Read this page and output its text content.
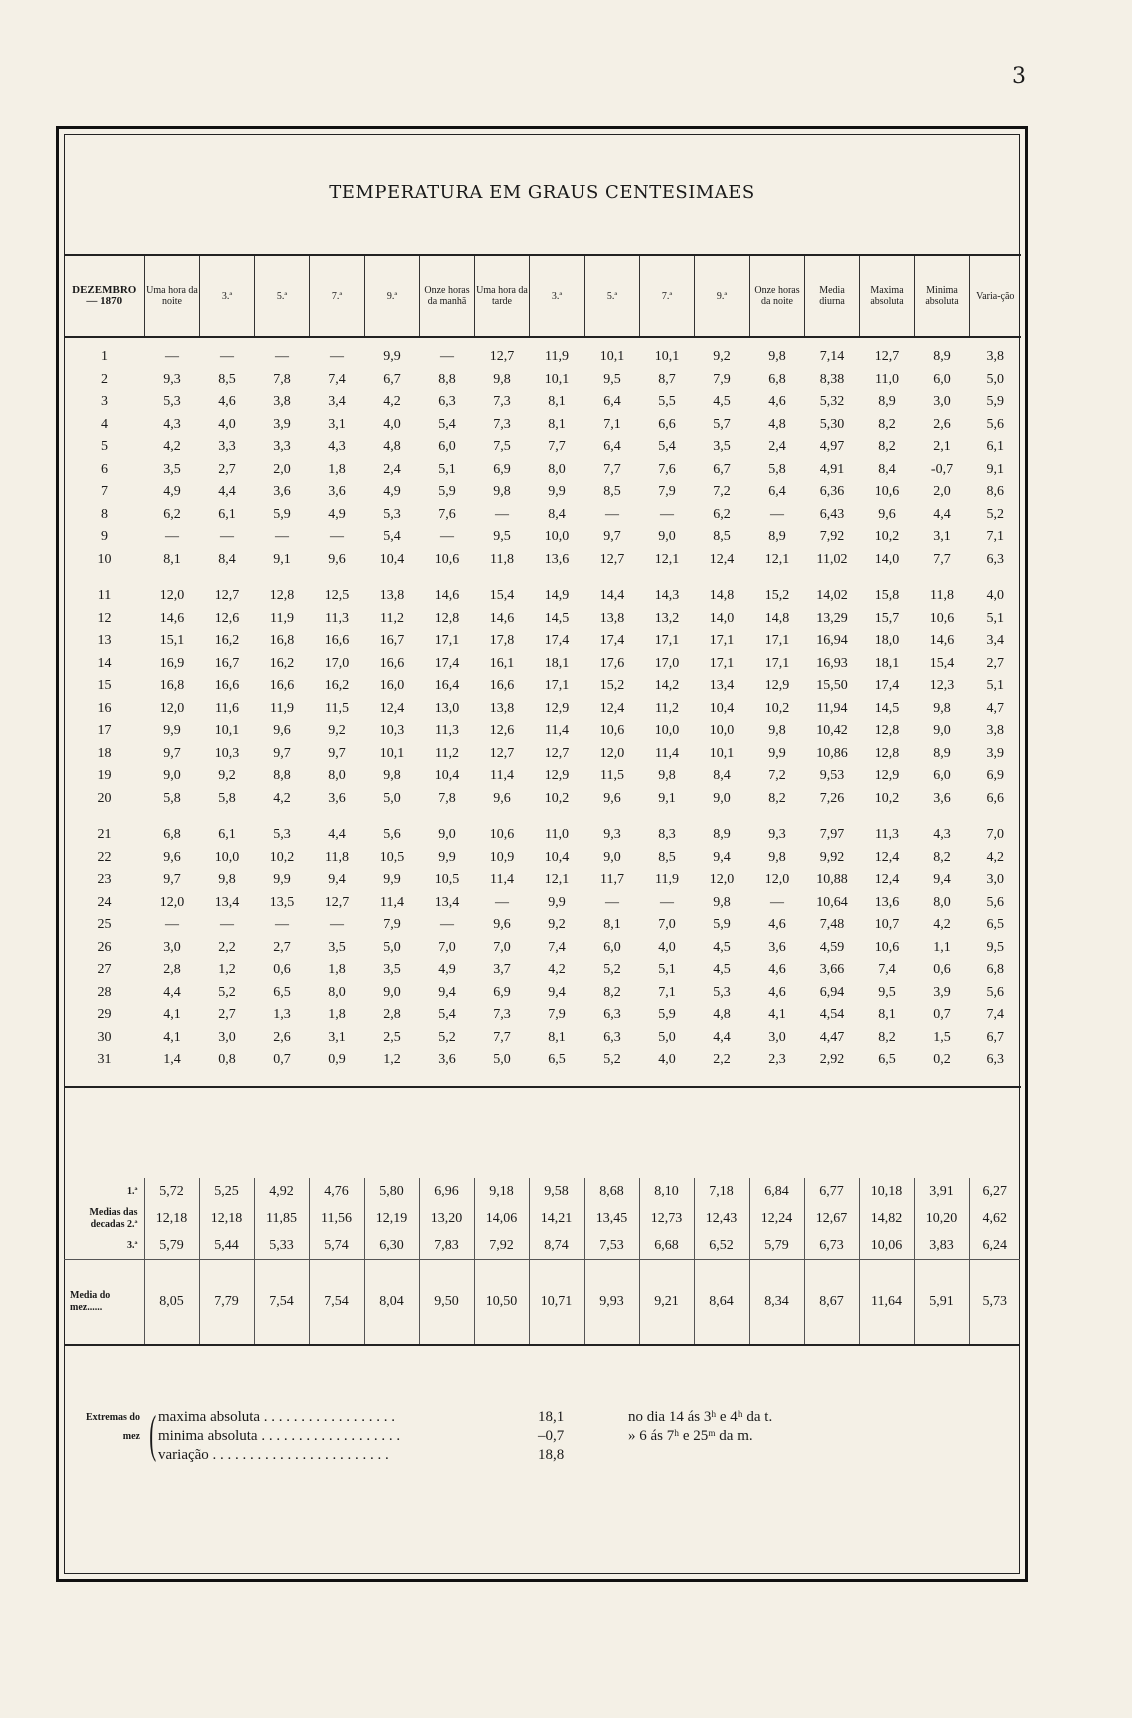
3
TEMPERATURA EM GRAUS CENTESIMAES
DEZEMBRO — 1870	Uma hora da noite	3.ª	5.ª	7.ª	9.ª	Onze horas da manhã	Uma hora da tarde	3.ª	5.ª	7.ª	9.ª	Onze horas da noite	Media diurna	Maxima absoluta	Minima absoluta	Varia-ção
1	—	—	—	—	9,9	—	12,7	11,9	10,1	10,1	9,2	9,8	7,14	12,7	8,9	3,8
2	9,3	8,5	7,8	7,4	6,7	8,8	9,8	10,1	9,5	8,7	7,9	6,8	8,38	11,0	6,0	5,0
3	5,3	4,6	3,8	3,4	4,2	6,3	7,3	8,1	6,4	5,5	4,5	4,6	5,32	8,9	3,0	5,9
4	4,3	4,0	3,9	3,1	4,0	5,4	7,3	8,1	7,1	6,6	5,7	4,8	5,30	8,2	2,6	5,6
5	4,2	3,3	3,3	4,3	4,8	6,0	7,5	7,7	6,4	5,4	3,5	2,4	4,97	8,2	2,1	6,1
6	3,5	2,7	2,0	1,8	2,4	5,1	6,9	8,0	7,7	7,6	6,7	5,8	4,91	8,4	-0,7	9,1
7	4,9	4,4	3,6	3,6	4,9	5,9	9,8	9,9	8,5	7,9	7,2	6,4	6,36	10,6	2,0	8,6
8	6,2	6,1	5,9	4,9	5,3	7,6	—	8,4	—	—	6,2	—	6,43	9,6	4,4	5,2
9	—	—	—	—	5,4	—	9,5	10,0	9,7	9,0	8,5	8,9	7,92	10,2	3,1	7,1
10	8,1	8,4	9,1	9,6	10,4	10,6	11,8	13,6	12,7	12,1	12,4	12,1	11,02	14,0	7,7	6,3

11	12,0	12,7	12,8	12,5	13,8	14,6	15,4	14,9	14,4	14,3	14,8	15,2	14,02	15,8	11,8	4,0
12	14,6	12,6	11,9	11,3	11,2	12,8	14,6	14,5	13,8	13,2	14,0	14,8	13,29	15,7	10,6	5,1
13	15,1	16,2	16,8	16,6	16,7	17,1	17,8	17,4	17,4	17,1	17,1	17,1	16,94	18,0	14,6	3,4
14	16,9	16,7	16,2	17,0	16,6	17,4	16,1	18,1	17,6	17,0	17,1	17,1	16,93	18,1	15,4	2,7
15	16,8	16,6	16,6	16,2	16,0	16,4	16,6	17,1	15,2	14,2	13,4	12,9	15,50	17,4	12,3	5,1
16	12,0	11,6	11,9	11,5	12,4	13,0	13,8	12,9	12,4	11,2	10,4	10,2	11,94	14,5	9,8	4,7
17	9,9	10,1	9,6	9,2	10,3	11,3	12,6	11,4	10,6	10,0	10,0	9,8	10,42	12,8	9,0	3,8
18	9,7	10,3	9,7	9,7	10,1	11,2	12,7	12,7	12,0	11,4	10,1	9,9	10,86	12,8	8,9	3,9
19	9,0	9,2	8,8	8,0	9,8	10,4	11,4	12,9	11,5	9,8	8,4	7,2	9,53	12,9	6,0	6,9
20	5,8	5,8	4,2	3,6	5,0	7,8	9,6	10,2	9,6	9,1	9,0	8,2	7,26	10,2	3,6	6,6

21	6,8	6,1	5,3	4,4	5,6	9,0	10,6	11,0	9,3	8,3	8,9	9,3	7,97	11,3	4,3	7,0
22	9,6	10,0	10,2	11,8	10,5	9,9	10,9	10,4	9,0	8,5	9,4	9,8	9,92	12,4	8,2	4,2
23	9,7	9,8	9,9	9,4	9,9	10,5	11,4	12,1	11,7	11,9	12,0	12,0	10,88	12,4	9,4	3,0
24	12,0	13,4	13,5	12,7	11,4	13,4	—	9,9	—	—	9,8	—	10,64	13,6	8,0	5,6
25	—	—	—	—	7,9	—	9,6	9,2	8,1	7,0	5,9	4,6	7,48	10,7	4,2	6,5
26	3,0	2,2	2,7	3,5	5,0	7,0	7,0	7,4	6,0	4,0	4,5	3,6	4,59	10,6	1,1	9,5
27	2,8	1,2	0,6	1,8	3,5	4,9	3,7	4,2	5,2	5,1	4,5	4,6	3,66	7,4	0,6	6,8
28	4,4	5,2	6,5	8,0	9,0	9,4	6,9	9,4	8,2	7,1	5,3	4,6	6,94	9,5	3,9	5,6
29	4,1	2,7	1,3	1,8	2,8	5,4	7,3	7,9	6,3	5,9	4,8	4,1	4,54	8,1	0,7	7,4
30	4,1	3,0	2,6	3,1	2,5	5,2	7,7	8,1	6,3	5,0	4,4	3,0	4,47	8,2	1,5	6,7
31	1,4	0,8	0,7	0,9	1,2	3,6	5,0	6,5	5,2	4,0	2,2	2,3	2,92	6,5	0,2	6,3

1.ª	5,72	5,25	4,92	4,76	5,80	6,96	9,18	9,58	8,68	8,10	7,18	6,84	6,77	10,18	3,91	6,27
Medias das decadas 2.ª	12,18	12,18	11,85	11,56	12,19	13,20	14,06	14,21	13,45	12,73	12,43	12,24	12,67	14,82	10,20	4,62
3.ª	5,79	5,44	5,33	5,74	6,30	7,83	7,92	8,74	7,53	6,68	6,52	5,79	6,73	10,06	3,83	6,24
Media do mez......	8,05	7,79	7,54	7,54	8,04	9,50	10,50	10,71	9,93	9,21	8,64	8,34	8,67	11,64	5,91	5,73
Extremas do mez ( maxima absoluta . . . . . . . . . . . . . . . . . .	18,1	no dia 14 ás 3ʰ e 4ʰ da t.
minima absoluta . . . . . . . . . . . . . . . . . . .	–0,7	» 6 ás 7ʰ e 25ᵐ da m.
variação . . . . . . . . . . . . . . . . . . . . . . . .	18,8
